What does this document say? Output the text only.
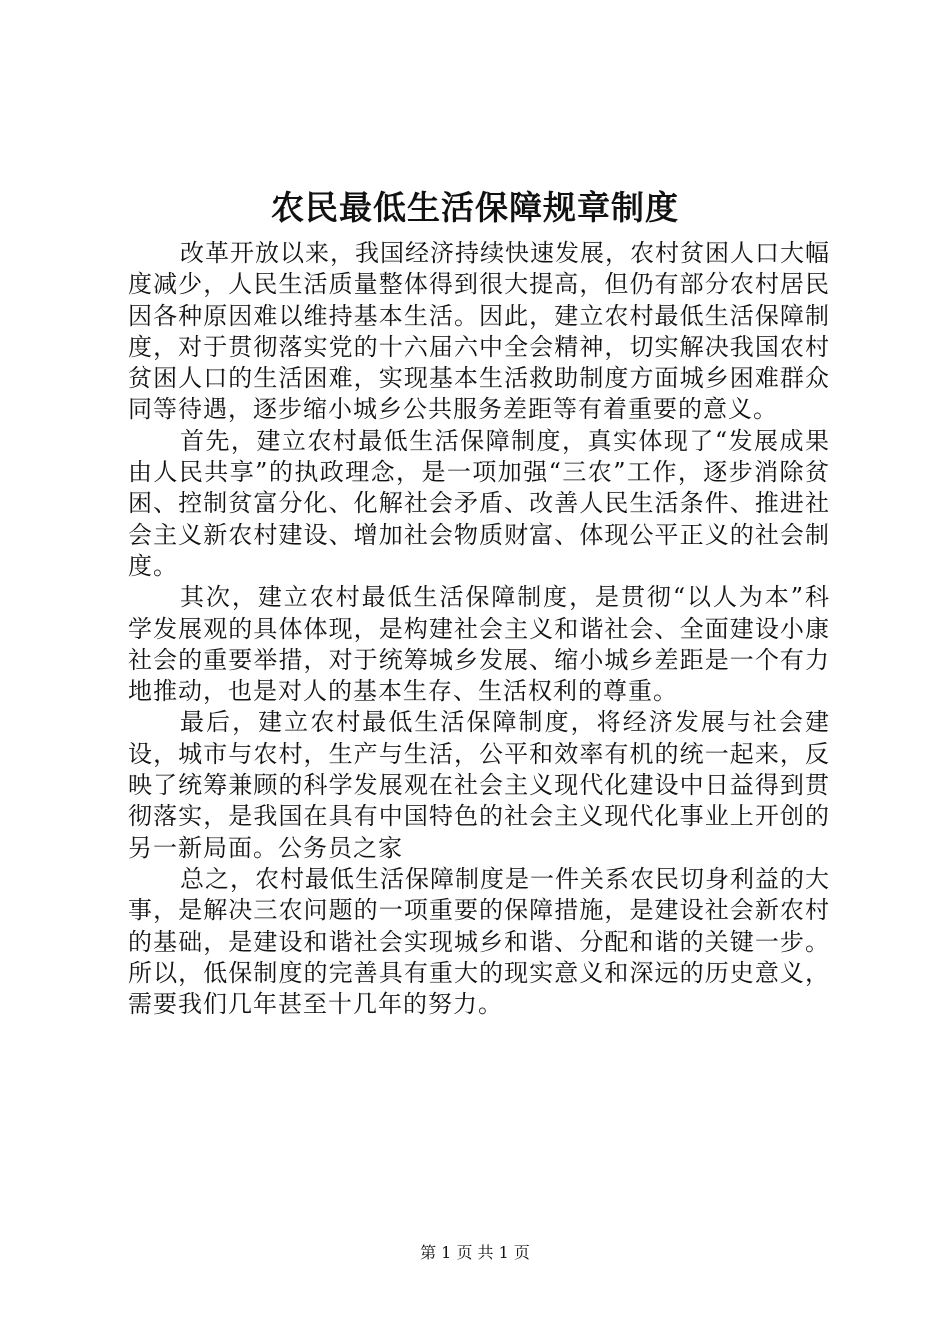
农民最低生活保障规章制度

改革开放以来，我国经济持续快速发展，农村贫困人口大幅度减少，人民生活质量整体得到很大提高，但仍有部分农村居民因各种原因难以维持基本生活。因此，建立农村最低生活保障制度，对于贯彻落实党的十六届六中全会精神，切实解决我国农村贫困人口的生活困难，实现基本生活救助制度方面城乡困难群众同等待遇，逐步缩小城乡公共服务差距等有着重要的意义。

首先，建立农村最低生活保障制度，真实体现了“发展成果由人民共享”的执政理念，是一项加强“三农”工作，逐步消除贫困、控制贫富分化、化解社会矛盾、改善人民生活条件、推进社会主义新农村建设、增加社会物质财富、体现公平正义的社会制度。

其次，建立农村最低生活保障制度，是贯彻“以人为本”科学发展观的具体体现，是构建社会主义和谐社会、全面建设小康社会的重要举措，对于统筹城乡发展、缩小城乡差距是一个有力地推动，也是对人的基本生存、生活权利的尊重。

最后，建立农村最低生活保障制度，将经济发展与社会建设，城市与农村，生产与生活，公平和效率有机的统一起来，反映了统筹兼顾的科学发展观在社会主义现代化建设中日益得到贯彻落实，是我国在具有中国特色的社会主义现代化事业上开创的另一新局面。公务员之家

总之，农村最低生活保障制度是一件关系农民切身利益的大事，是解决三农问题的一项重要的保障措施，是建设社会新农村的基础，是建设和谐社会实现城乡和谐、分配和谐的关键一步。所以，低保制度的完善具有重大的现实意义和深远的历史意义，需要我们几年甚至十几年的努力。

第 1 页 共 1 页
